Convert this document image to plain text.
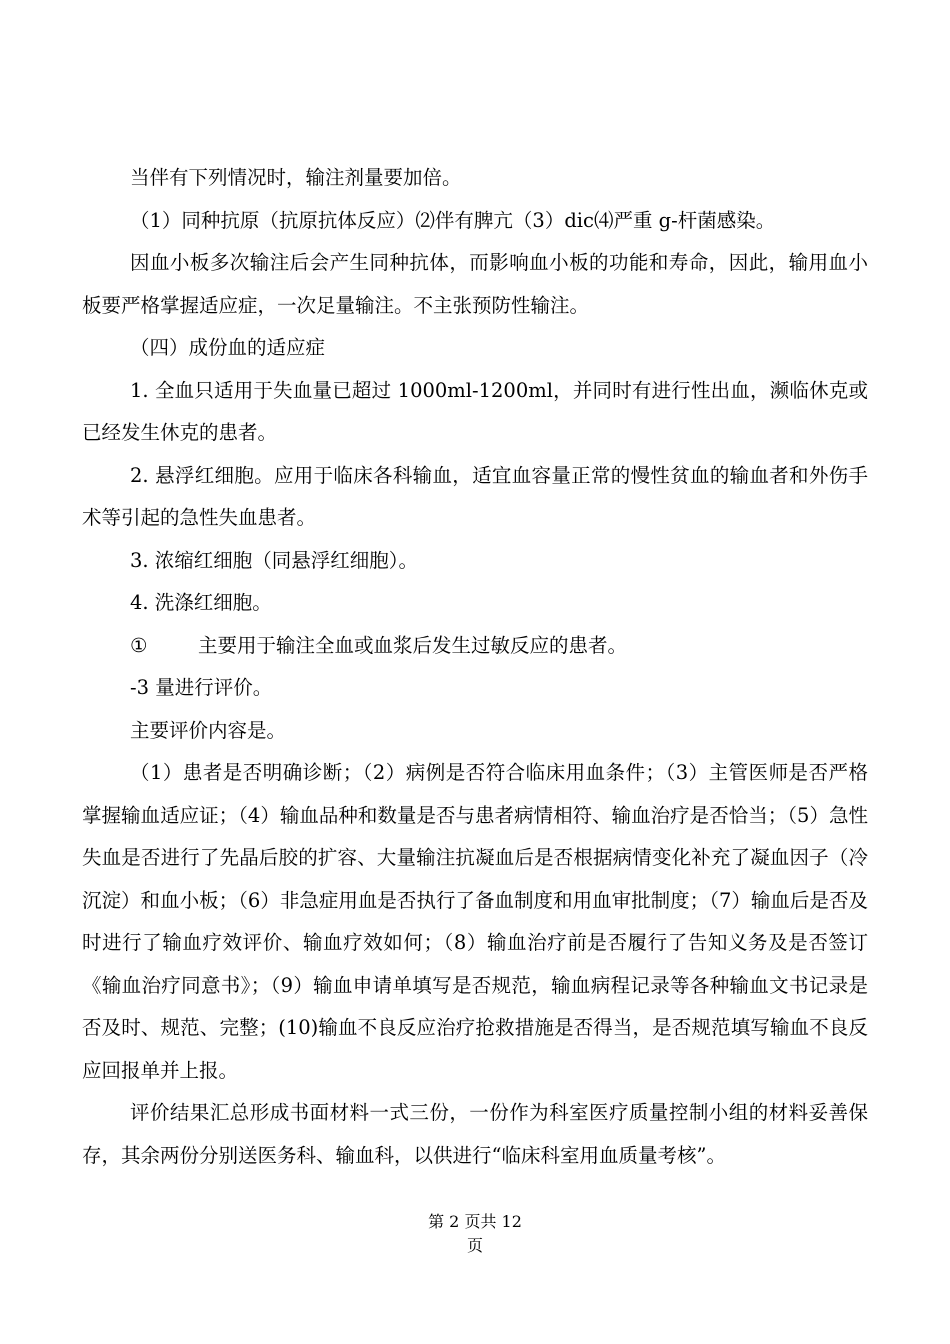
当伴有下列情况时，输注剂量要加倍。

（1）同种抗原（抗原抗体反应）⑵伴有脾亢（3）dic⑷严重 g-杆菌感染。

因血小板多次输注后会产生同种抗体，而影响血小板的功能和寿命，因此，输用血小板要严格掌握适应症，一次足量输注。不主张预防性输注。

（四）成份血的适应症

1. 全血只适用于失血量已超过 1000ml-1200ml，并同时有进行性出血，濒临休克或已经发生休克的患者。

2. 悬浮红细胞。应用于临床各科输血，适宜血容量正常的慢性贫血的输血者和外伤手术等引起的急性失血患者。

3. 浓缩红细胞（同悬浮红细胞）。

4. 洗涤红细胞。

①	主要用于输注全血或血浆后发生过敏反应的患者。

-3 量进行评价。

主要评价内容是。

（1）患者是否明确诊断；（2）病例是否符合临床用血条件；（3）主管医师是否严格掌握输血适应证；（4）输血品种和数量是否与患者病情相符、输血治疗是否恰当；（5）急性失血是否进行了先晶后胶的扩容、大量输注抗凝血后是否根据病情变化补充了凝血因子（冷沉淀）和血小板；（6）非急症用血是否执行了备血制度和用血审批制度；（7）输血后是否及时进行了输血疗效评价、输血疗效如何；（8）输血治疗前是否履行了告知义务及是否签订《输血治疗同意书》；（9）输血申请单填写是否规范，输血病程记录等各种输血文书记录是否及时、规范、完整；(10)输血不良反应治疗抢救措施是否得当，是否规范填写输血不良反应回报单并上报。

评价结果汇总形成书面材料一式三份，一份作为科室医疗质量控制小组的材料妥善保存，其余两份分别送医务科、输血科，以供进行“临床科室用血质量考核”。

第 2 页共 12
页
